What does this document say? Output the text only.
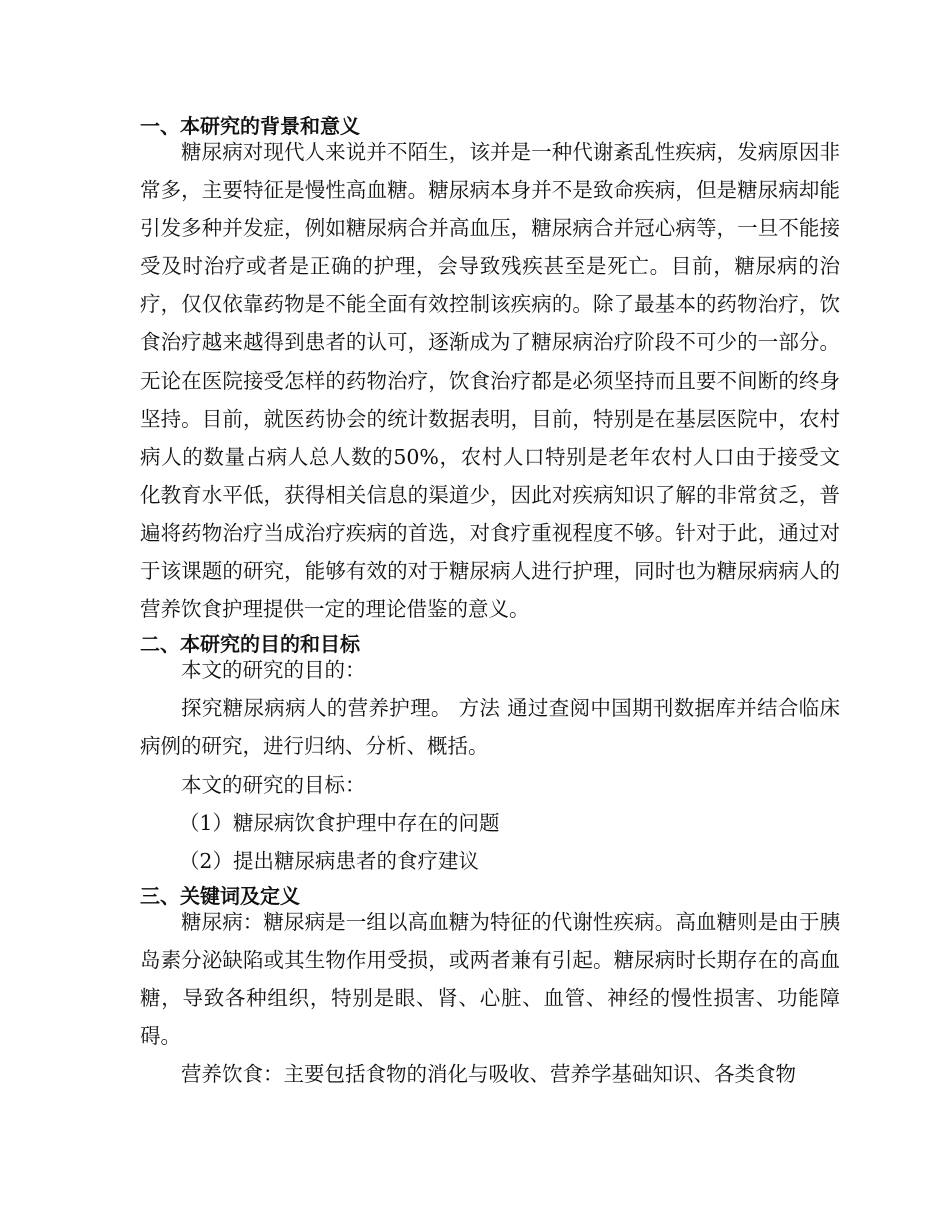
一、本研究的背景和意义

糖尿病对现代人来说并不陌生，该并是一种代谢紊乱性疾病，发病原因非常多，主要特征是慢性高血糖。糖尿病本身并不是致命疾病，但是糖尿病却能引发多种并发症，例如糖尿病合并高血压，糖尿病合并冠心病等，一旦不能接受及时治疗或者是正确的护理，会导致残疾甚至是死亡。目前，糖尿病的治疗，仅仅依靠药物是不能全面有效控制该疾病的。除了最基本的药物治疗，饮食治疗越来越得到患者的认可，逐渐成为了糖尿病治疗阶段不可少的一部分。无论在医院接受怎样的药物治疗，饮食治疗都是必须坚持而且要不间断的终身坚持。目前，就医药协会的统计数据表明，目前，特别是在基层医院中，农村病人的数量占病人总人数的50%，农村人口特别是老年农村人口由于接受文化教育水平低，获得相关信息的渠道少，因此对疾病知识了解的非常贫乏，普遍将药物治疗当成治疗疾病的首选，对食疗重视程度不够。针对于此，通过对于该课题的研究，能够有效的对于糖尿病人进行护理，同时也为糖尿病病人的营养饮食护理提供一定的理论借鉴的意义。

二、本研究的目的和目标

本文的研究的目的：

探究糖尿病病人的营养护理。 方法 通过查阅中国期刊数据库并结合临床病例的研究，进行归纳、分析、概括。

本文的研究的目标：

（1）糖尿病饮食护理中存在的问题

（2）提出糖尿病患者的食疗建议

三、关键词及定义

糖尿病：糖尿病是一组以高血糖为特征的代谢性疾病。高血糖则是由于胰岛素分泌缺陷或其生物作用受损，或两者兼有引起。糖尿病时长期存在的高血糖，导致各种组织，特别是眼、肾、心脏、血管、神经的慢性损害、功能障碍。

营养饮食：主要包括食物的消化与吸收、营养学基础知识、各类食物
